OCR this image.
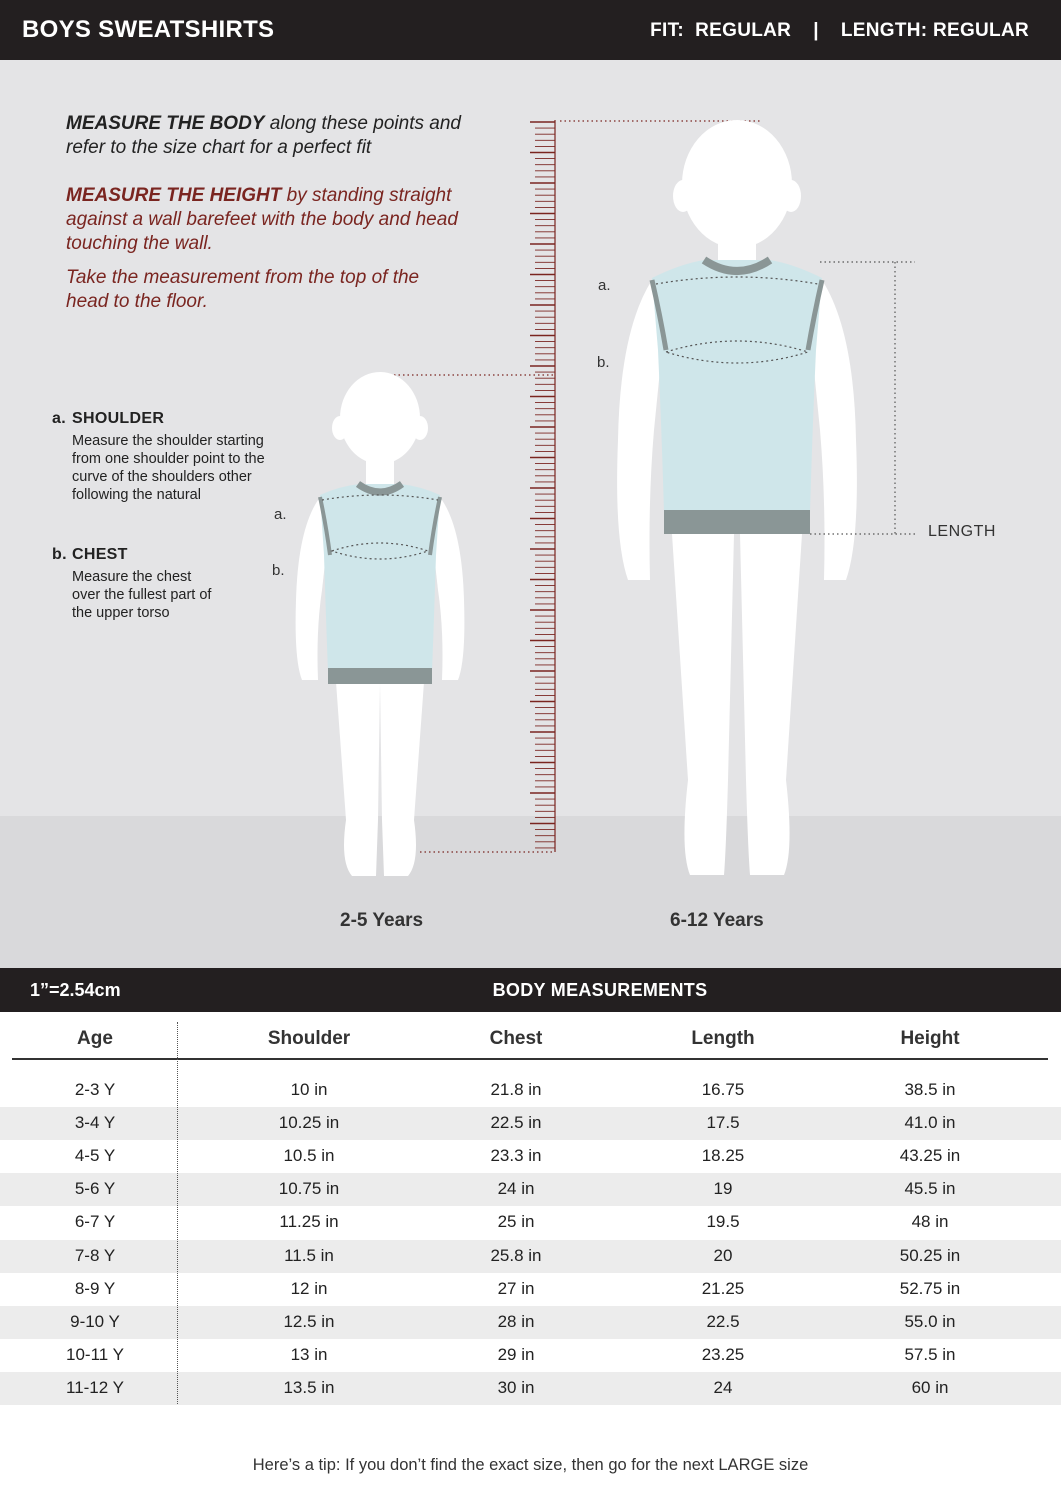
BOYS SWEATSHIRTS	FIT:  REGULAR | LENGTH: REGULAR
MEASURE THE BODY along these points and refer to the size chart for a perfect fit
MEASURE THE HEIGHT by standing straight against a wall barefeet with the body and head touching the wall.
Take the measurement from the top of the head to the floor.
a. SHOULDER
Measure the shoulder starting from one shoulder point to the curve of the shoulders other following the natural
b. CHEST
Measure the chest over the fullest part of the upper torso
a.
b.
a.
b.
LENGTH
2-5 Years	6-12 Years
1”=2.54cm	BODY MEASUREMENTS
2-3 Y	10 in	21.8 in	16.75	38.5 in
3-4 Y	10.25 in	22.5 in	17.5	41.0 in
4-5 Y	10.5 in	23.3 in	18.25	43.25 in
5-6 Y	10.75 in	24 in	19	45.5 in
6-7 Y	11.25 in	25 in	19.5	48 in
7-8 Y	11.5 in	25.8 in	20	50.25 in
8-9 Y	12 in	27 in	21.25	52.75 in
9-10 Y	12.5 in	28 in	22.5	55.0 in
10-11 Y	13 in	29 in	23.25	57.5 in
11-12 Y	13.5 in	30 in	24	60 in
Age	Shoulder	Chest	Length	Height
Here’s a tip: If you don’t find the exact size, then go for the next LARGE size
